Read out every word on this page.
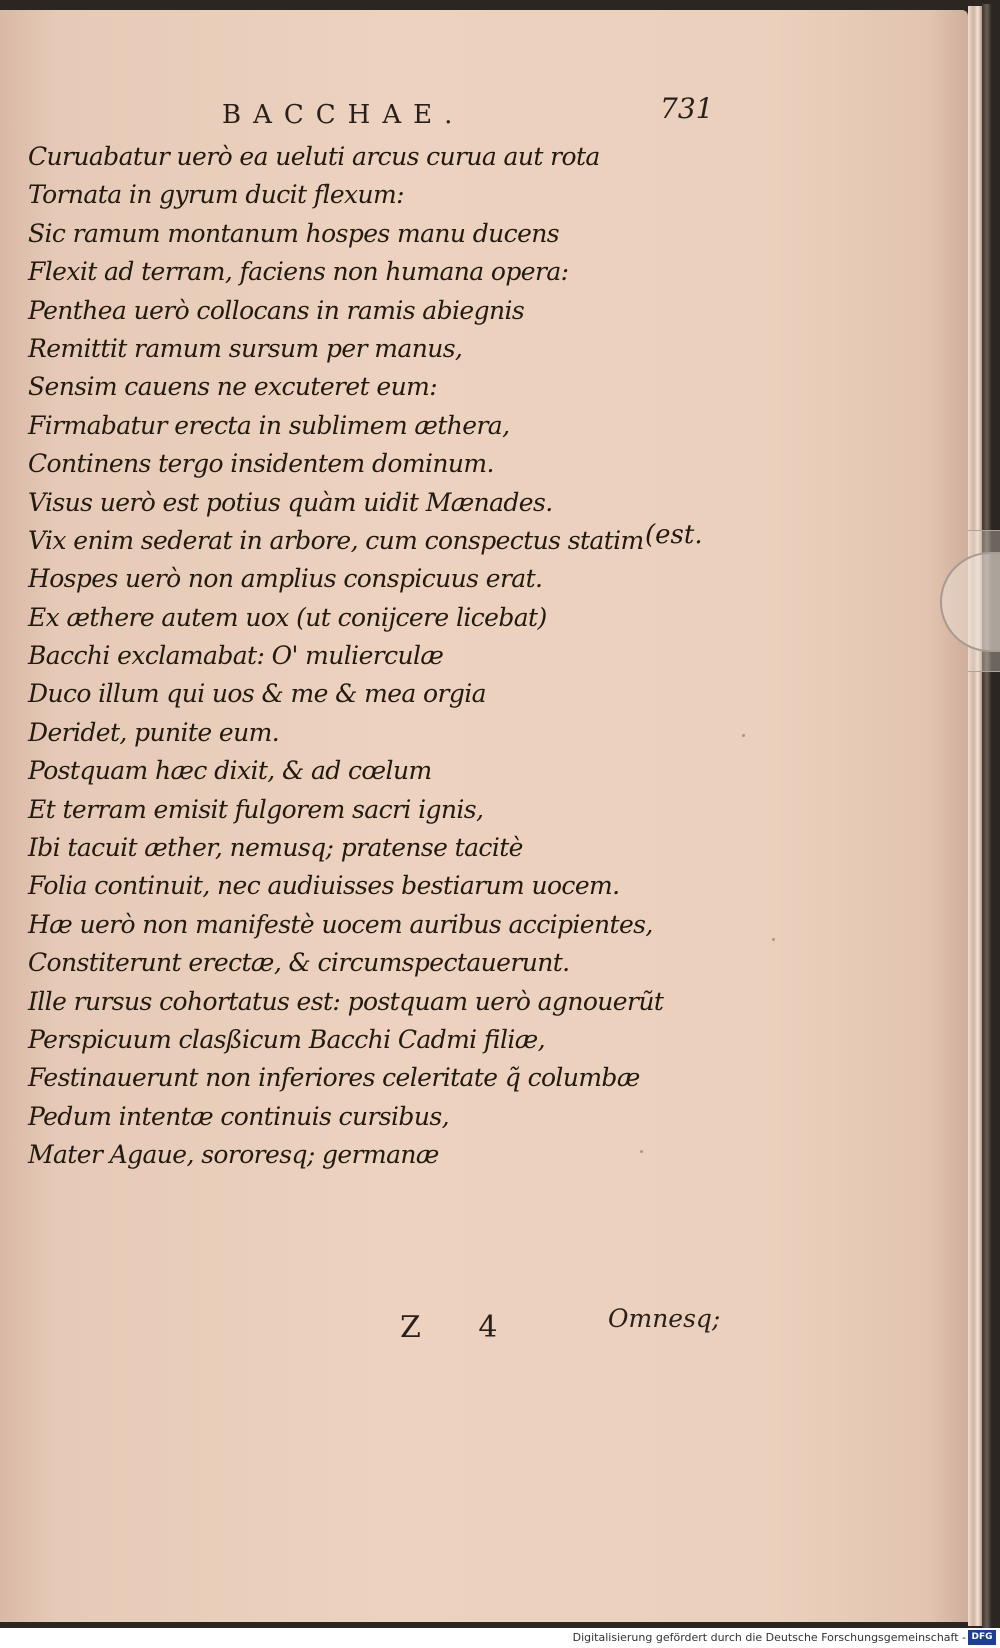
BACCHAE.	731
Curuabatur uerò ea ueluti arcus curua aut rota
Tornata in gyrum ducit flexum:
Sic ramum montanum hospes manu ducens
Flexit ad terram, faciens non humana opera:
Penthea uerò collocans in ramis abiegnis
Remittit ramum sursum per manus,
Sensim cauens ne excuteret eum:
Firmabatur erecta in sublimem æthera,
Continens tergo insidentem dominum.
Visus uerò est potius quàm uidit Mænades.
Vix enim sederat in arbore, cum conspectus statim
Hospes uerò non amplius conspicuus erat.
Ex æthere autem uox (ut conijcere licebat)
Bacchi exclamabat: O' mulierculæ
Duco illum qui uos & me & mea orgia
Deridet, punite eum.
Postquam hæc dixit, & ad cœlum
Et terram emisit fulgorem sacri ignis,
Ibi tacuit æther, nemusq; pratense tacitè
Folia continuit, nec audiuisses bestiarum uocem.
Hæ uerò non manifestè uocem auribus accipientes,
Constiterunt erectæ, & circumspectauerunt.
Ille rursus cohortatus est: postquam uerò agnouerũt
Perspicuum clasßicum Bacchi Cadmi filiæ,
Festinauerunt non inferiores celeritate q̃ columbæ
Pedum intentæ continuis cursibus,
Mater Agaue, sororesq; germanæ
(est.
Z 4	Omnesq;
Digitalisierung gefördert durch die Deutsche Forschungsgemeinschaft - DFG
